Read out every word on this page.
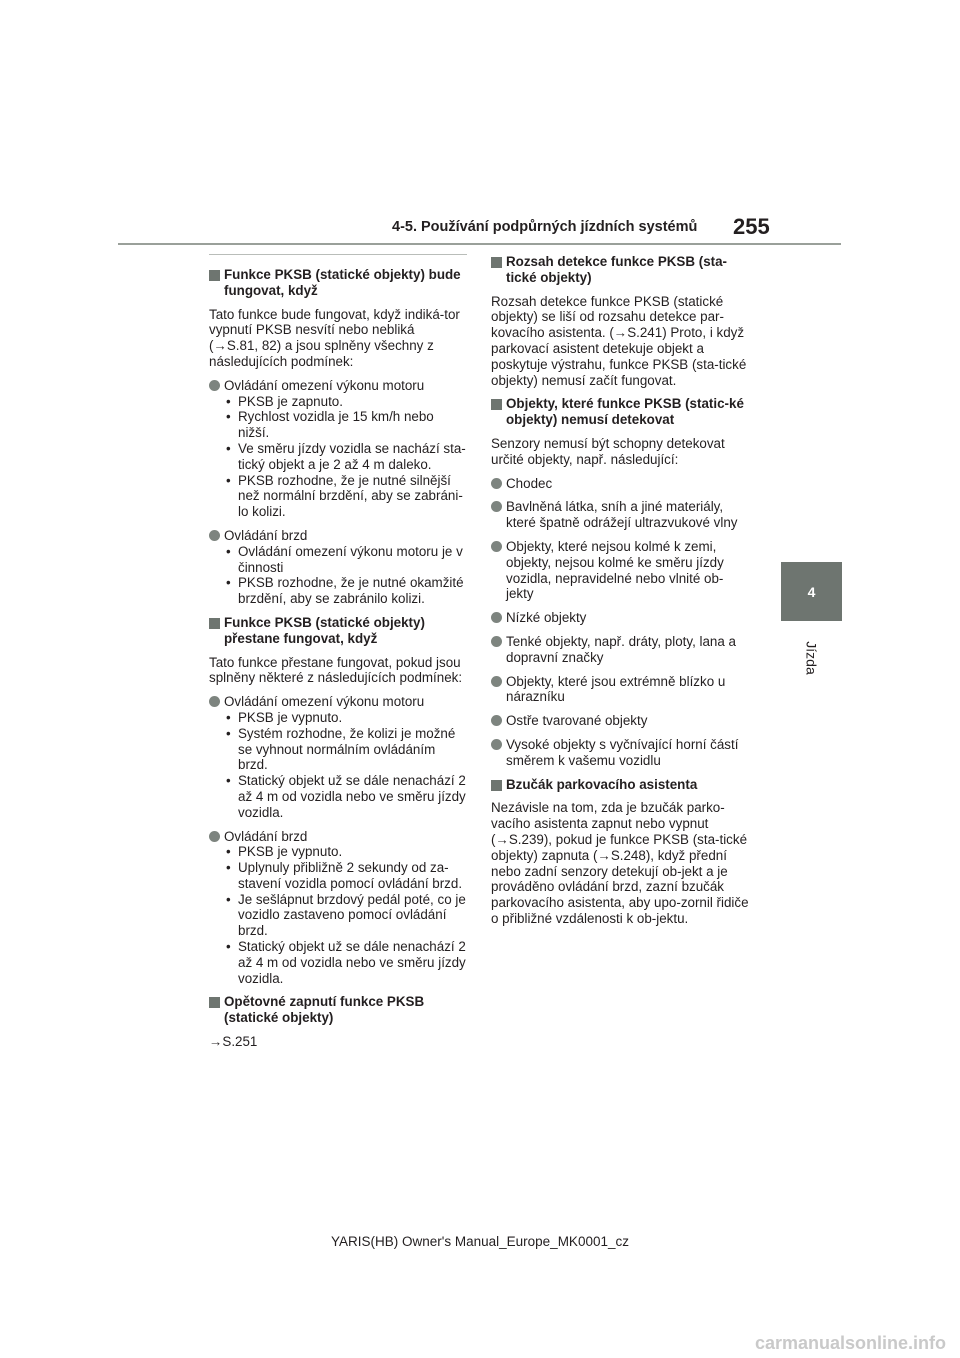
4-5. Používání podpůrných jízdních systémů 255
4
Jízda
Funkce PKSB (statické objekty) bude fungovat, když
Tato funkce bude fungovat, když indiká-tor vypnutí PKSB nesvítí nebo nebliká (→S.81, 82) a jsou splněny všechny z následujících podmínek:
Ovládání omezení výkonu motoru
• PKSB je zapnuto.
• Rychlost vozidla je 15 km/h nebo nižší.
• Ve směru jízdy vozidla se nachází sta-tický objekt a je 2 až 4 m daleko.
• PKSB rozhodne, že je nutné silnější než normální brzdění, aby se zabráni-lo kolizi.
Ovládání brzd
• Ovládání omezení výkonu motoru je v činnosti
• PKSB rozhodne, že je nutné okamžité brzdění, aby se zabránilo kolizi.
Funkce PKSB (statické objekty) přestane fungovat, když
Tato funkce přestane fungovat, pokud jsou splněny některé z následujících podmínek:
Ovládání omezení výkonu motoru
• PKSB je vypnuto.
• Systém rozhodne, že kolizi je možné se vyhnout normálním ovládáním brzd.
• Statický objekt už se dále nenachází 2 až 4 m od vozidla nebo ve směru jízdy vozidla.
Ovládání brzd
• PKSB je vypnuto.
• Uplynuly přibližně 2 sekundy od za-stavení vozidla pomocí ovládání brzd.
• Je sešlápnut brzdový pedál poté, co je vozidlo zastaveno pomocí ovládání brzd.
• Statický objekt už se dále nenachází 2 až 4 m od vozidla nebo ve směru jízdy vozidla.
Opětovné zapnutí funkce PKSB (statické objekty)
→S.251
Rozsah detekce funkce PKSB (sta-tické objekty)
Rozsah detekce funkce PKSB (statické objekty) se liší od rozsahu detekce par-kovacího asistenta. (→S.241) Proto, i když parkovací asistent detekuje objekt a poskytuje výstrahu, funkce PKSB (sta-tické objekty) nemusí začít fungovat.
Objekty, které funkce PKSB (static-ké objekty) nemusí detekovat
Senzory nemusí být schopny detekovat určité objekty, např. následující:
Chodec
Bavlněná látka, sníh a jiné materiály, které špatně odrážejí ultrazvukové vlny
Objekty, které nejsou kolmé k zemi, objekty, nejsou kolmé ke směru jízdy vozidla, nepravidelné nebo vlnité ob-jekty
Nízké objekty
Tenké objekty, např. dráty, ploty, lana a dopravní značky
Objekty, které jsou extrémně blízko u nárazníku
Ostře tvarované objekty
Vysoké objekty s vyčnívající horní částí směrem k vašemu vozidlu
Bzučák parkovacího asistenta
Nezávisle na tom, zda je bzučák parko-vacího asistenta zapnut nebo vypnut (→S.239), pokud je funkce PKSB (sta-tické objekty) zapnuta (→S.248), když přední nebo zadní senzory detekují ob-jekt a je prováděno ovládání brzd, zazní bzučák parkovacího asistenta, aby upo-zornil řidiče o přibližné vzdálenosti k ob-jektu.
YARIS(HB) Owner's Manual_Europe_MK0001_cz
carmanualsonline.info
